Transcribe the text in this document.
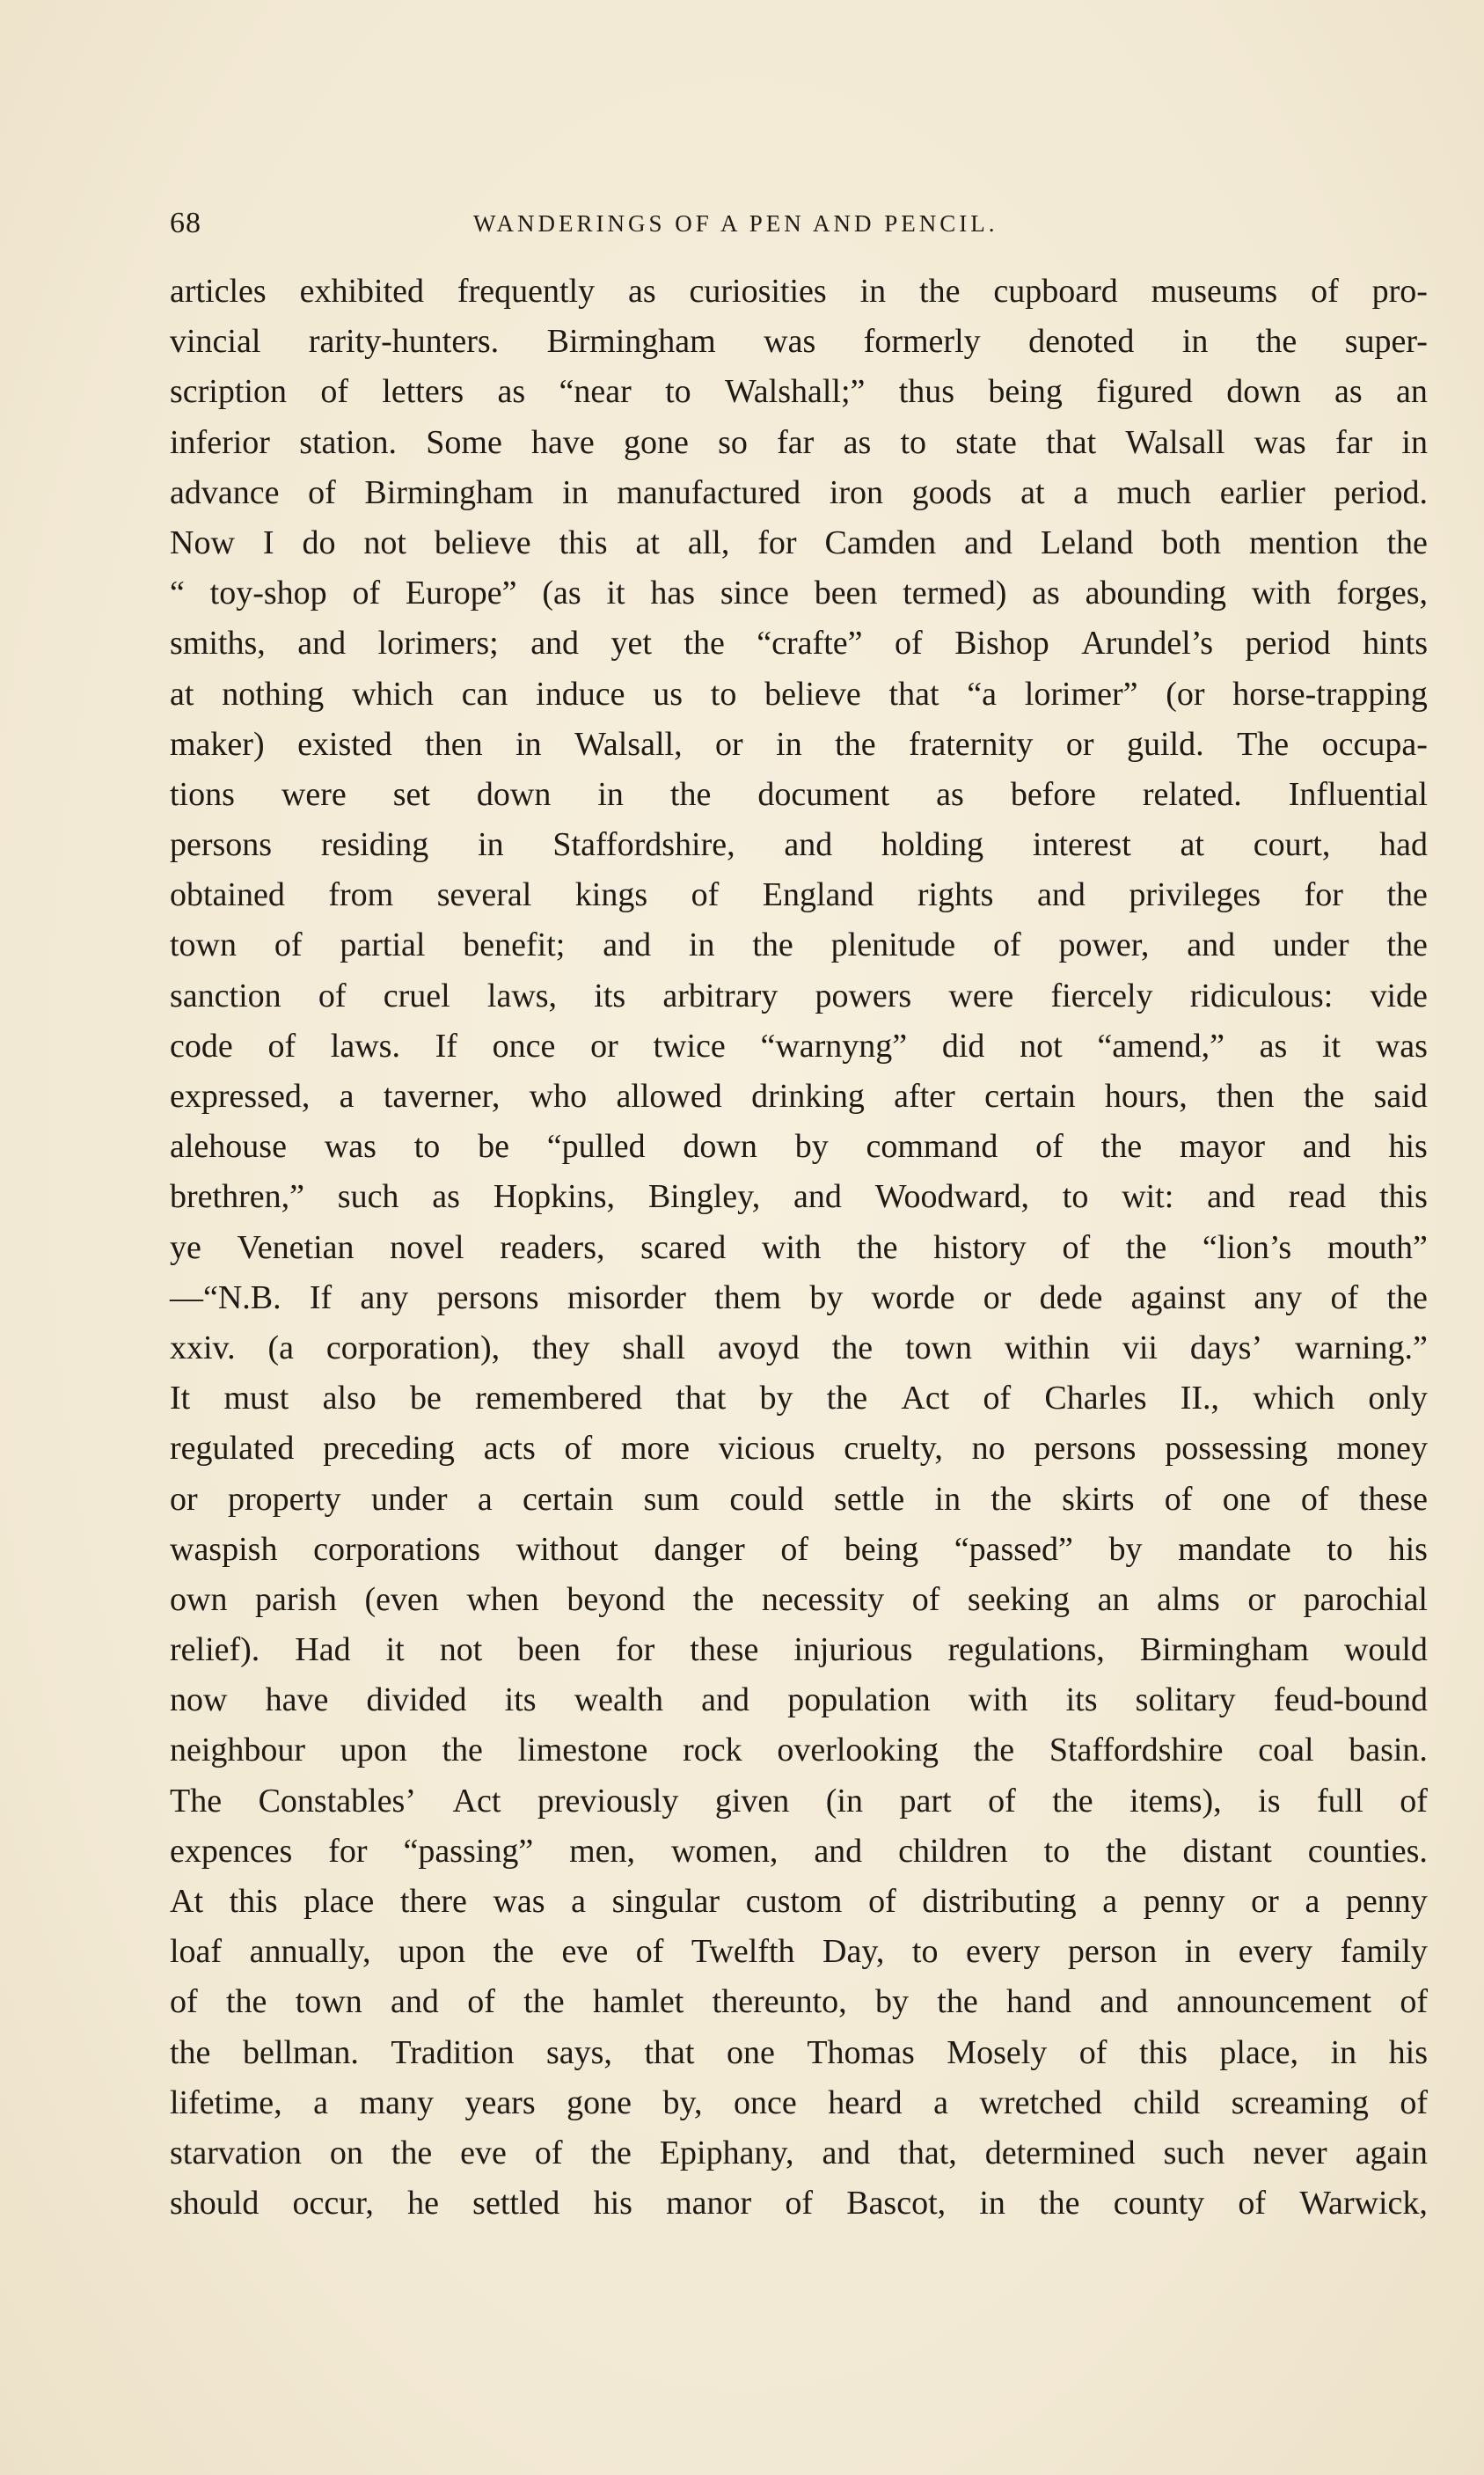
68	WANDERINGS OF A PEN AND PENCIL.
articles exhibited frequently as curiosities in the cupboard museums of pro-
vincial rarity-hunters. Birmingham was formerly denoted in the super-
scription of letters as “near to Walshall;” thus being figured down as an
inferior station. Some have gone so far as to state that Walsall was far in
advance of Birmingham in manufactured iron goods at a much earlier period.
Now I do not believe this at all, for Camden and Leland both mention the
“ toy-shop of Europe” (as it has since been termed) as abounding with forges,
smiths, and lorimers; and yet the “crafte” of Bishop Arundel’s period hints
at nothing which can induce us to believe that “a lorimer” (or horse-trapping
maker) existed then in Walsall, or in the fraternity or guild. The occupa-
tions were set down in the document as before related. Influential
persons residing in Staffordshire, and holding interest at court, had
obtained from several kings of England rights and privileges for the
town of partial benefit; and in the plenitude of power, and under the
sanction of cruel laws, its arbitrary powers were fiercely ridiculous: vide
code of laws. If once or twice “warnyng” did not “amend,” as it was
expressed, a taverner, who allowed drinking after certain hours, then the said
alehouse was to be “pulled down by command of the mayor and his
brethren,” such as Hopkins, Bingley, and Woodward, to wit: and read this
ye Venetian novel readers, scared with the history of the “lion’s mouth”
—“N.B. If any persons misorder them by worde or dede against any of the
xxiv. (a corporation), they shall avoyd the town within vii days’ warning.”
It must also be remembered that by the Act of Charles II., which only
regulated preceding acts of more vicious cruelty, no persons possessing money
or property under a certain sum could settle in the skirts of one of these
waspish corporations without danger of being “passed” by mandate to his
own parish (even when beyond the necessity of seeking an alms or parochial
relief). Had it not been for these injurious regulations, Birmingham would
now have divided its wealth and population with its solitary feud-bound
neighbour upon the limestone rock overlooking the Staffordshire coal basin.
The Constables’ Act previously given (in part of the items), is full of
expences for “passing” men, women, and children to the distant counties.
At this place there was a singular custom of distributing a penny or a penny
loaf annually, upon the eve of Twelfth Day, to every person in every family
of the town and of the hamlet thereunto, by the hand and announcement of
the bellman. Tradition says, that one Thomas Mosely of this place, in his
lifetime, a many years gone by, once heard a wretched child screaming of
starvation on the eve of the Epiphany, and that, determined such never again
should occur, he settled his manor of Bascot, in the county of Warwick,
